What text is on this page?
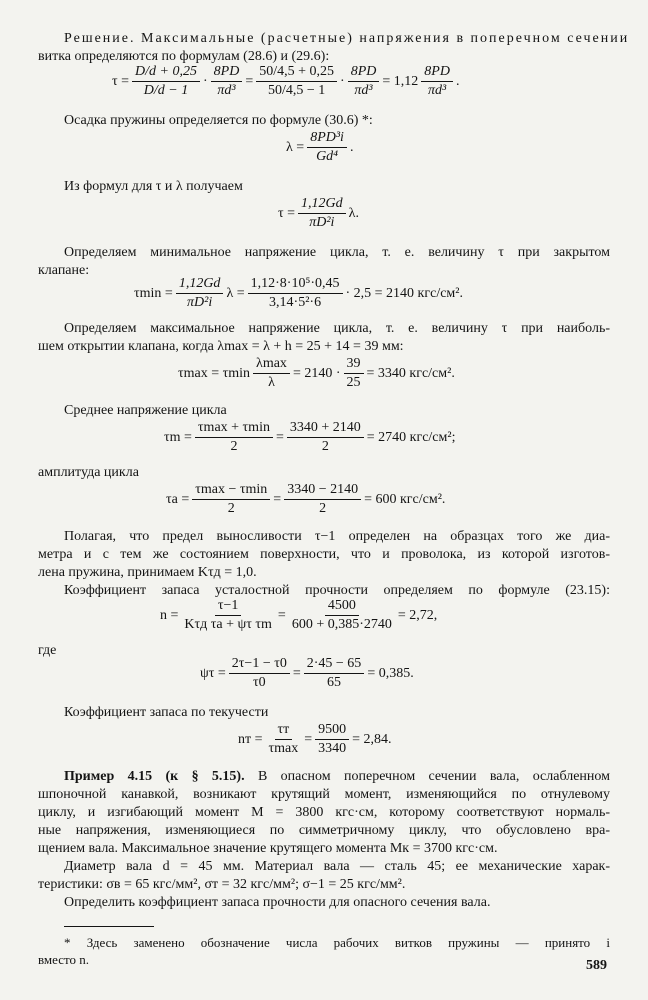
Решение. Максимальные (расчетные) напряжения в поперечном сечении
витка определяются по формулам (28.6) и (29.6):
$\tau = \frac{D/d + 0,25}{D/d - 1} \cdot \frac{8PD}{\text{πd³}} = \frac{50/4,5 + 0,25}{50/4,5 - 1} \cdot \frac{8PD}{\text{πd³}} = 1,12 \frac{8PD}{\text{πd³}}$ .
Осадка пружины определяется по формуле (30.6) *:
$\lambda = \frac{\text{8PD³i}}{\text{Gd⁴}}$ .
Из формул для τ и λ получаем
$\tau = \frac{1,12Gd}{\text{πD²i}} \lambda$.
Определяем минимальное напряжение цикла, т. е. величину τ при закрытом
клапане:
$\tau\min = \frac{1,12Gd}{\text{πD²i}}$ $\lambda = \frac{\text{1,12·8·10⁵·0,45}}{\text{3,14·5²·6}} \cdot 2,5 = 2140$ кгс/см².
Определяем максимальное напряжение цикла, т. е. величину τ при наиболь-
шем открытии клапана, когда λmax = λ + h = 25 + 14 = 39 мм:
τmax = τmin $\frac{\lambda\max}{\lambda} = 2140 \cdot \frac{39}{25} = 3340$ кгс/см².
Среднее напряжение цикла
$\tau m = \frac{\tau\max + \tau\min}{2} = \frac{3340 + 2140}{2} = 2740$ кгс/см²;
амплитуда цикла
$\tau a = \frac{\tau\max - \tau\min}{2} = \frac{3340 - 2140}{2} = 600$ кгс/см².
Полагая, что предел выносливости τ−1 определен на образцах того же диа-
метра и с тем же состоянием поверхности, что и проволока, из которой изготов-
лена пружина, принимаем Kτд = 1,0.
Коэффициент запаса усталостной прочности определяем по формуле (23.15):
$n = \frac{\tau-1}{\text{Kτд τa + ψτ τm}} = \frac{4500}{600 + 0,385\cdot 2740} = 2,72$,
где
$\psi\tau = \frac{2\tau-1 - \tau 0}{\tau 0} = \frac{2\cdot 45 - 65}{65} = 0,385$.
Коэффициент запаса по текучести
nт = $\frac{\tau т}{\tau\max} = \frac{9500}{3340} = 2,84$.
Пример 4.15 (к § 5.15). В опасном поперечном сечении вала, ослабленном
шпоночной канавкой, возникают крутящий момент, изменяющийся по отнулевому
циклу, и изгибающий момент M = 3800 кгс·см, которому соответствуют нормаль-
ные напряжения, изменяющиеся по симметричному циклу, что обусловлено вра-
щением вала. Максимальное значение крутящего момента Mк = 3700 кгс·см.
Диаметр вала d = 45 мм. Материал вала — сталь 45; ее механические харак-
теристики: σв = 65 кгс/мм², σт = 32 кгс/мм²; σ−1 = 25 кгс/мм².
Определить коэффициент запаса прочности для опасного сечения вала.
* Здесь заменено обозначение числа рабочих витков пружины — принято i
вместо n.	589
